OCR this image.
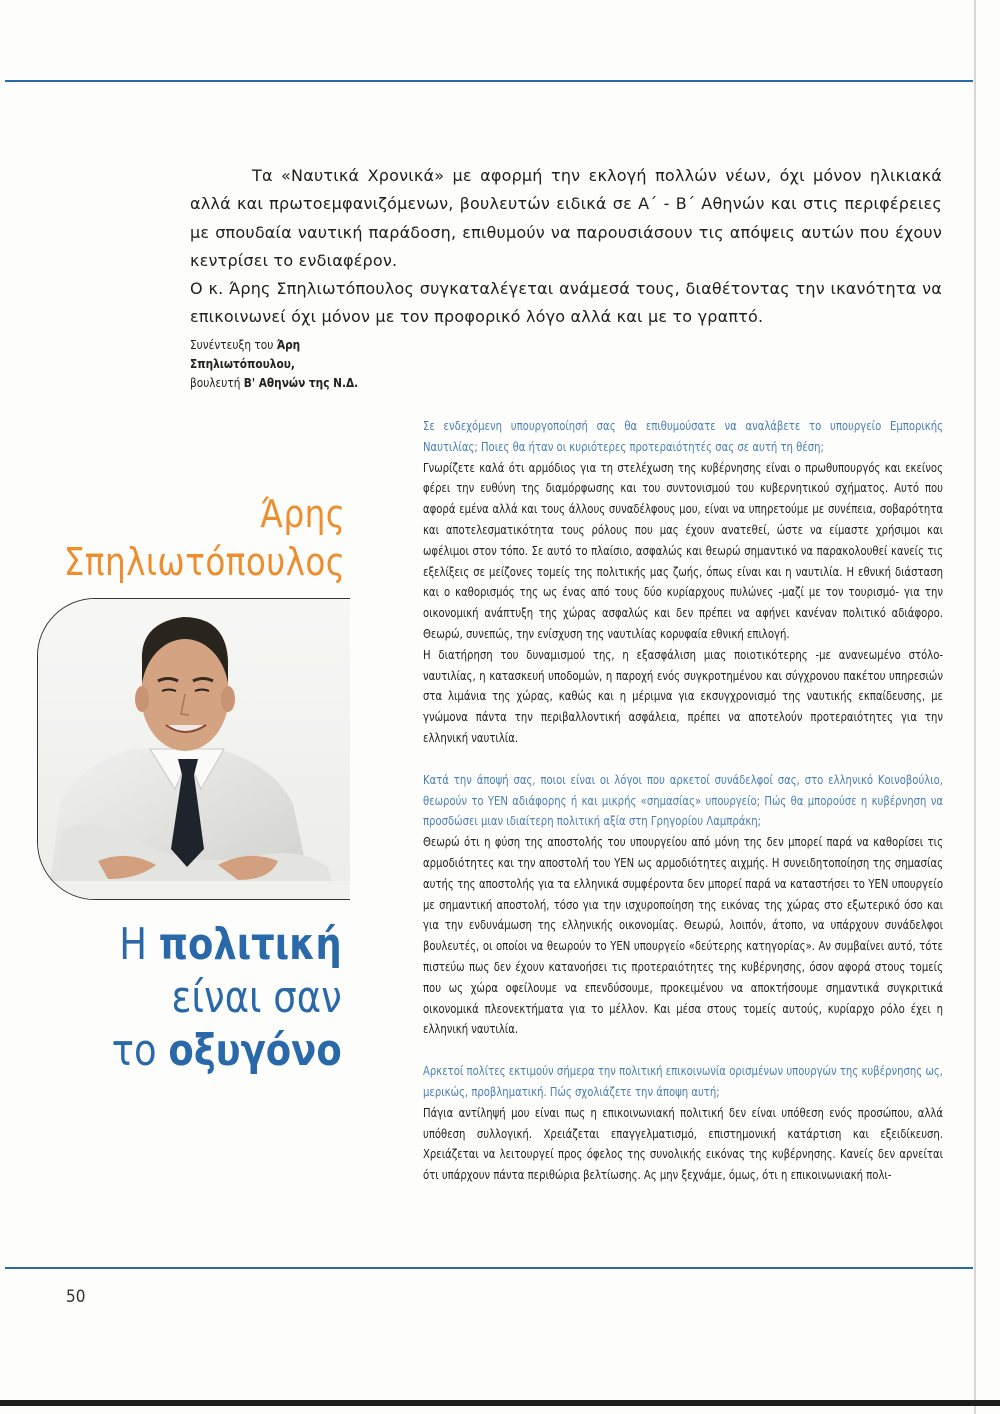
Τα «Ναυτικά Χρονικά» με αφορμή την εκλογή πολλών νέων, όχι μόνον ηλικιακά αλλά και πρωτοεμφανιζόμενων, βουλευτών ειδικά σε Α΄ - Β΄ Αθηνών και στις περιφέρειες με σπουδαία ναυτική παράδοση, επιθυμούν να παρουσιάσουν τις απόψεις αυτών που έχουν κεντρίσει το ενδιαφέρον.

Ο κ. Άρης Σπηλιωτόπουλος συγκαταλέγεται ανάμεσά τους, διαθέτοντας την ικανότητα να επικοινωνεί όχι μόνον με τον προφορικό λόγο αλλά και με το γραπτό.

Συνέντευξη του Άρη Σπηλιωτόπουλου,
βουλευτή Β' Αθηνών της Ν.Δ.
Άρης
Σπηλιωτόπουλος
Η πολιτική
είναι σαν
το οξυγόνο

Σε ενδεχόμενη υπουργοποίησή σας θα επιθυμούσατε να αναλάβετε το υπουργείο Εμπορικής Ναυτιλίας; Ποιες θα ήταν οι κυριότερες προτεραιότητές σας σε αυτή τη θέση;

Γνωρίζετε καλά ότι αρμόδιος για τη στελέχωση της κυβέρνησης είναι ο πρωθυπουργός και εκείνος φέρει την ευθύνη της διαμόρφωσης και του συντονισμού του κυβερνητικού σχήματος. Αυτό που αφορά εμένα αλλά και τους άλλους συναδέλφους μου, είναι να υπηρετούμε με συνέπεια, σοβαρότητα και αποτελεσματικότητα τους ρόλους που μας έχουν ανατεθεί, ώστε να είμαστε χρήσιμοι και ωφέλιμοι στον τόπο. Σε αυτό το πλαίσιο, ασφαλώς και θεωρώ σημαντικό να παρακολουθεί κανείς τις εξελίξεις σε μείζονες τομείς της πολιτικής μας ζωής, όπως είναι και η ναυτιλία. Η εθνική διάσταση και ο καθορισμός της ως ένας από τους δύο κυρίαρχους πυλώνες -μαζί με τον τουρισμό- για την οικονομική ανάπτυξη της χώρας ασφαλώς και δεν πρέπει να αφήνει κανέναν πολιτικό αδιάφορο. Θεωρώ, συνεπώς, την ενίσχυση της ναυτιλίας κορυφαία εθνική επιλογή.

Η διατήρηση του δυναμισμού της, η εξασφάλιση μιας ποιοτικότερης -με ανανεωμένο στόλο- ναυτιλίας, η κατασκευή υποδομών, η παροχή ενός συγκροτημένου και σύγχρονου πακέτου υπηρεσιών στα λιμάνια της χώρας, καθώς και η μέριμνα για εκσυγχρονισμό της ναυτικής εκπαίδευσης, με γνώμονα πάντα την περιβαλλοντική ασφάλεια, πρέπει να αποτελούν προτεραιότητες για την ελληνική ναυτιλία.

Κατά την άποψή σας, ποιοι είναι οι λόγοι που αρκετοί συνάδελφοί σας, στο ελληνικό Κοινοβούλιο, θεωρούν το ΥΕΝ αδιάφορης ή και μικρής «σημασίας» υπουργείο; Πώς θα μπορούσε η κυβέρνηση να προσδώσει μιαν ιδιαίτερη πολιτική αξία στη Γρηγορίου Λαμπράκη;

Θεωρώ ότι η φύση της αποστολής του υπουργείου από μόνη της δεν μπορεί παρά να καθορίσει τις αρμοδιότητες και την αποστολή του ΥΕΝ ως αρμοδιότητες αιχμής. Η συνειδητοποίηση της σημασίας αυτής της αποστολής για τα ελληνικά συμφέροντα δεν μπορεί παρά να καταστήσει το ΥΕΝ υπουργείο με σημαντική αποστολή, τόσο για την ισχυροποίηση της εικόνας της χώρας στο εξωτερικό όσο και για την ενδυνάμωση της ελληνικής οικονομίας. Θεωρώ, λοιπόν, άτοπο, να υπάρχουν συνάδελφοι βουλευτές, οι οποίοι να θεωρούν το ΥΕΝ υπουργείο «δεύτερης κατηγορίας». Αν συμβαίνει αυτό, τότε πιστεύω πως δεν έχουν κατανοήσει τις προτεραιότητες της κυβέρνησης, όσον αφορά στους τομείς που ως χώρα οφείλουμε να επενδύσουμε, προκειμένου να αποκτήσουμε σημαντικά συγκριτικά οικονομικά πλεονεκτήματα για το μέλλον. Και μέσα στους τομείς αυτούς, κυρίαρχο ρόλο έχει η ελληνική ναυτιλία.

Αρκετοί πολίτες εκτιμούν σήμερα την πολιτική επικοινωνία ορισμένων υπουργών της κυβέρνησης ως, μερικώς, προβληματική. Πώς σχολιάζετε την άποψη αυτή;

Πάγια αντίληψή μου είναι πως η επικοινωνιακή πολιτική δεν είναι υπόθεση ενός προσώπου, αλλά υπόθεση συλλογική. Χρειάζεται επαγγελματισμό, επιστημονική κατάρτιση και εξειδίκευση. Χρειάζεται να λειτουργεί προς όφελος της συνολικής εικόνας της κυβέρνησης. Κανείς δεν αρνείται ότι υπάρχουν πάντα περιθώρια βελτίωσης. Ας μην ξεχνάμε, όμως, ότι η επικοινωνιακή πολι-

50
